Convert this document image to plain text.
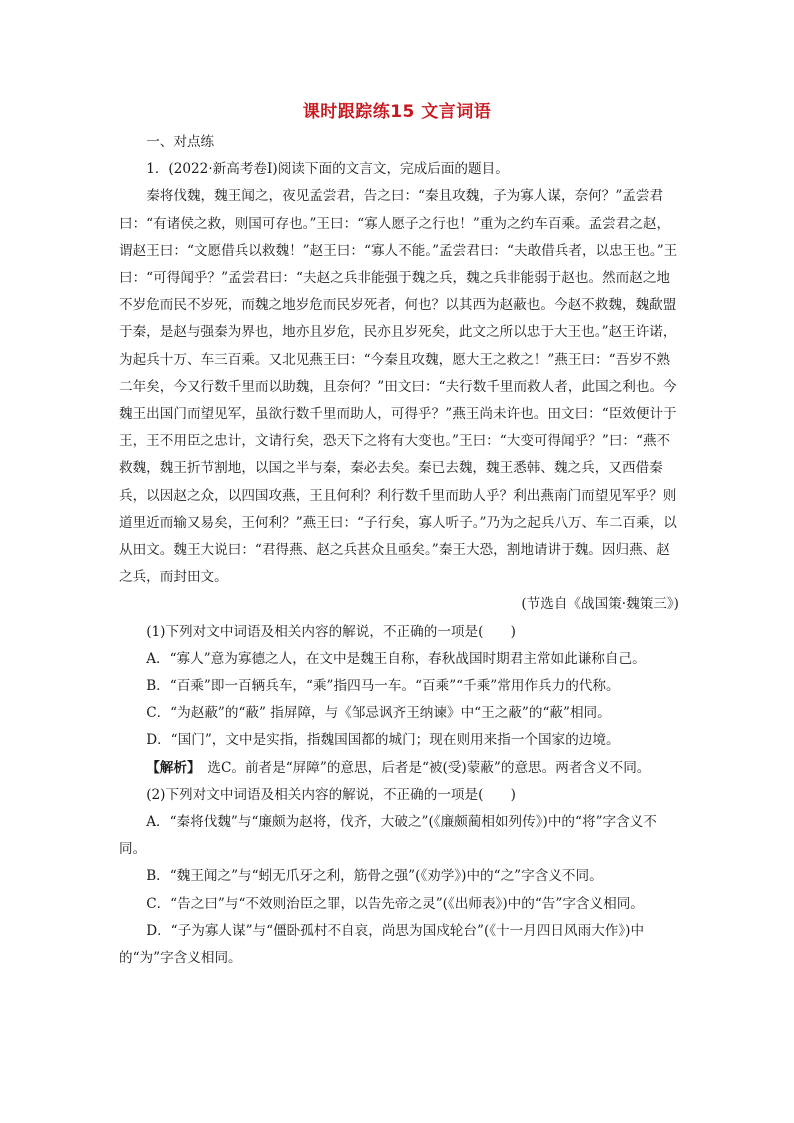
课时跟踪练15 文言词语

一、对点练

1．(2022·新高考卷Ⅰ)阅读下面的文言文，完成后面的题目。

秦将伐魏，魏王闻之，夜见孟尝君，告之曰：“秦且攻魏，子为寡人谋，奈何？”孟尝君曰：“有诸侯之救，则国可存也。”王曰：“寡人愿子之行也！”重为之约车百乘。孟尝君之赵，谓赵王曰：“文愿借兵以救魏！”赵王曰：“寡人不能。”孟尝君曰：“夫敢借兵者，以忠王也。”王曰：“可得闻乎？”孟尝君曰：“夫赵之兵非能强于魏之兵，魏之兵非能弱于赵也。然而赵之地不岁危而民不岁死，而魏之地岁危而民岁死者，何也？以其西为赵蔽也。今赵不救魏，魏歃盟于秦，是赵与强秦为界也，地亦且岁危，民亦且岁死矣，此文之所以忠于大王也。”赵王许诺，为起兵十万、车三百乘。又北见燕王曰：“今秦且攻魏，愿大王之救之！”燕王曰：“吾岁不熟二年矣，今又行数千里而以助魏，且奈何？”田文曰：“夫行数千里而救人者，此国之利也。今魏王出国门而望见军，虽欲行数千里而助人，可得乎？”燕王尚未许也。田文曰：“臣效便计于王，王不用臣之忠计，文请行矣，恐天下之将有大变也。”王曰：“大变可得闻乎？”曰：“燕不救魏，魏王折节割地，以国之半与秦，秦必去矣。秦已去魏，魏王悉韩、魏之兵，又西借秦兵，以因赵之众，以四国攻燕，王且何利？利行数千里而助人乎？利出燕南门而望见军乎？则道里近而输又易矣，王何利？”燕王曰：“子行矣，寡人听子。”乃为之起兵八万、车二百乘，以从田文。魏王大说曰：“君得燕、赵之兵甚众且亟矣。”秦王大恐，割地请讲于魏。因归燕、赵之兵，而封田文。

(节选自《战国策·魏策三》)

(1)下列对文中词语及相关内容的解说，不正确的一项是(　　)

A．“寡人”意为寡德之人，在文中是魏王自称，春秋战国时期君主常如此谦称自己。

B．“百乘”即一百辆兵车，“乘”指四马一车。“百乘”“千乘”常用作兵力的代称。

C．“为赵蔽”的“蔽” 指屏障，与《邹忌讽齐王纳谏》中“王之蔽”的“蔽”相同。

D．“国门”，文中是实指，指魏国国都的城门；现在则用来指一个国家的边境。

【解析】　选C。前者是“屏障”的意思，后者是“被(受)蒙蔽”的意思。两者含义不同。

(2)下列对文中词语及相关内容的解说，不正确的一项是(　　)

A．“秦将伐魏”与“廉颇为赵将，伐齐，大破之”(《廉颇蔺相如列传》)中的“将”字含义不同。

B．“魏王闻之”与“蚓无爪牙之利，筋骨之强”(《劝学》)中的“之”字含义不同。

C．“告之曰”与“不效则治臣之罪，以告先帝之灵”(《出师表》)中的“告”字含义相同。

D．“子为寡人谋”与“僵卧孤村不自哀，尚思为国戍轮台”(《十一月四日风雨大作》)中的“为”字含义相同。
